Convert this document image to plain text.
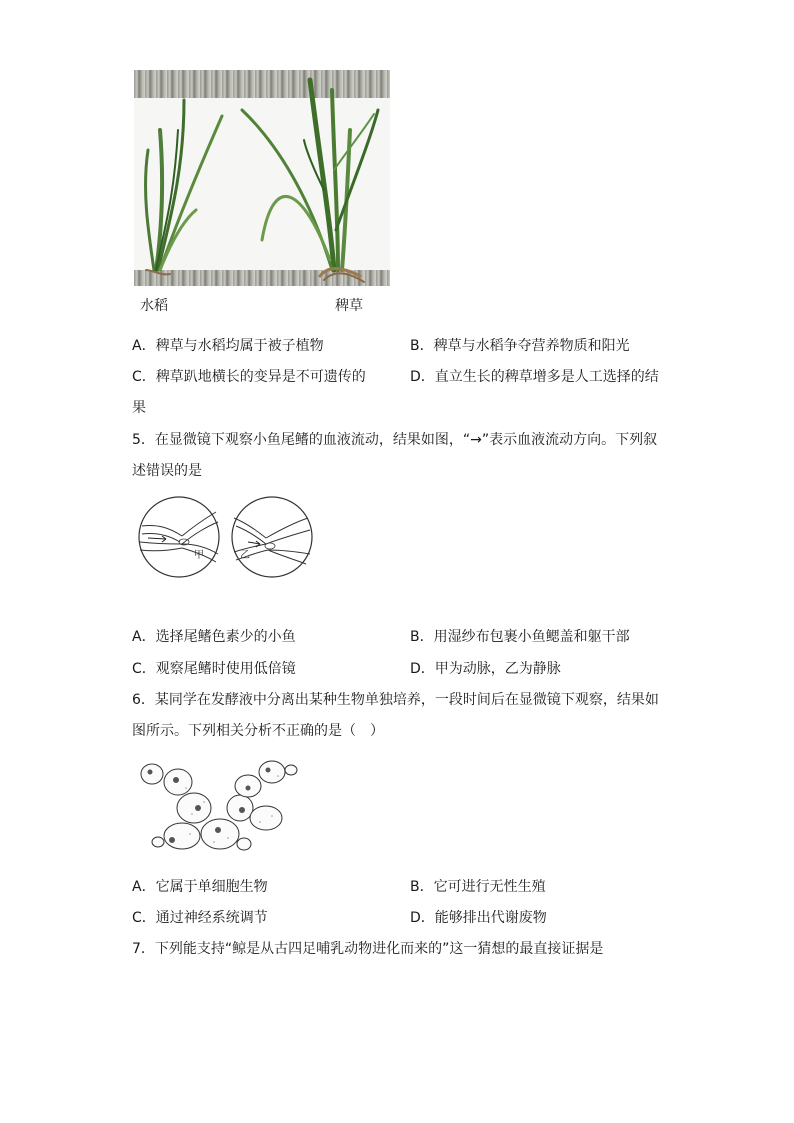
水稻	稗草
A．稗草与水稻均属于被子植物	B．稗草与水稻争夺营养物质和阳光
C．稗草趴地横长的变异是不可遗传的	D．直立生长的稗草增多是人工选择的结
果
5．在显微镜下观察小鱼尾鳍的血液流动，结果如图，“→”表示血液流动方向。下列叙
述错误的是
甲	乙
A．选择尾鳍色素少的小鱼	B．用湿纱布包裹小鱼鳃盖和躯干部
C．观察尾鳍时使用低倍镜	D．甲为动脉，乙为静脉
6．某同学在发酵液中分离出某种生物单独培养，一段时间后在显微镜下观察，结果如
图所示。下列相关分析不正确的是（　）
A．它属于单细胞生物	B．它可进行无性生殖
C．通过神经系统调节	D．能够排出代谢废物
7．下列能支持“鲸是从古四足哺乳动物进化而来的”这一猜想的最直接证据是
